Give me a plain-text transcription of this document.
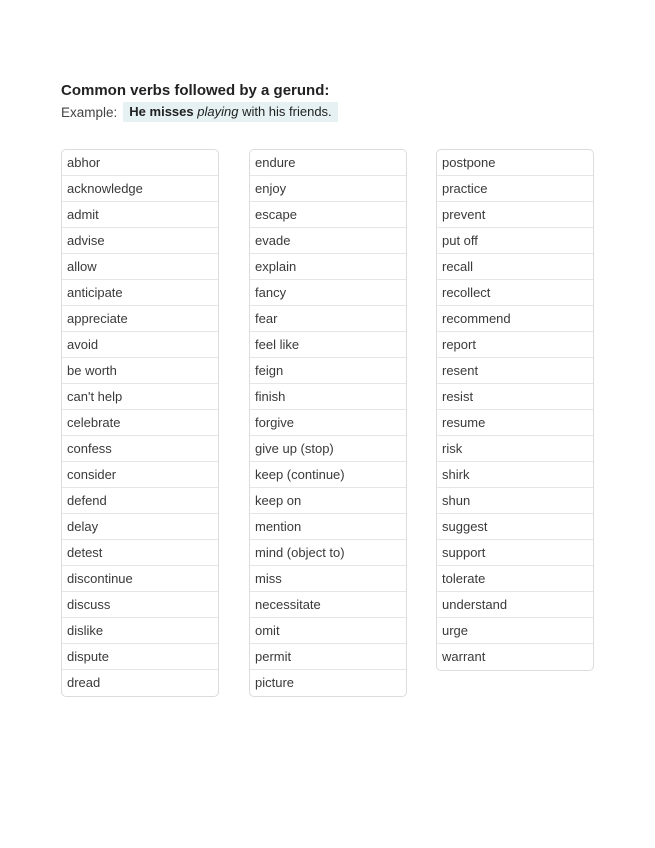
Common verbs followed by a gerund:
Example: He misses playing with his friends.
abhor
acknowledge
admit
advise
allow
anticipate
appreciate
avoid
be worth
can't help
celebrate
confess
consider
defend
delay
detest
discontinue
discuss
dislike
dispute
dread
endure
enjoy
escape
evade
explain
fancy
fear
feel like
feign
finish
forgive
give up (stop)
keep (continue)
keep on
mention
mind (object to)
miss
necessitate
omit
permit
picture
postpone
practice
prevent
put off
recall
recollect
recommend
report
resent
resist
resume
risk
shirk
shun
suggest
support
tolerate
understand
urge
warrant
